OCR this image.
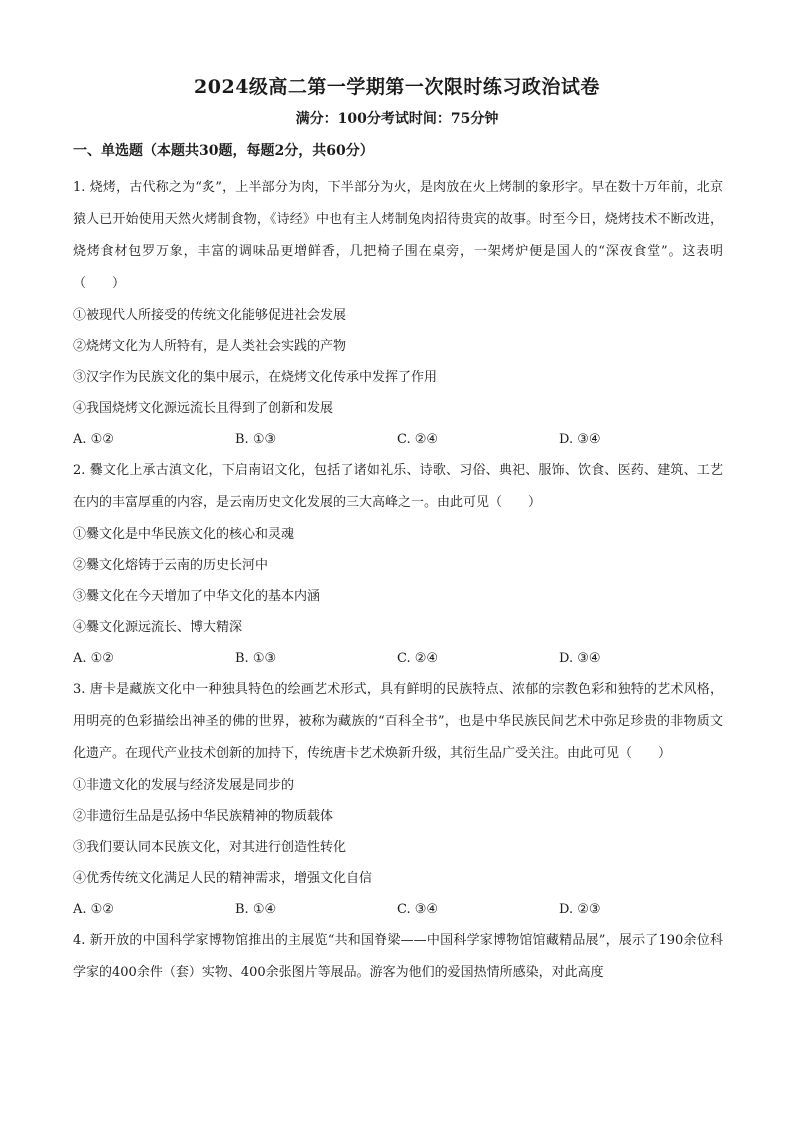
2024级高二第一学期第一次限时练习政治试卷
满分：100分考试时间：75分钟
一、单选题（本题共30题，每题2分，共60分）

1. 烧烤，古代称之为“炙”，上半部分为肉，下半部分为火，是肉放在火上烤制的象形字。早在数十万年前，北京猿人已开始使用天然火烤制食物，《诗经》中也有主人烤制兔肉招待贵宾的故事。时至今日，烧烤技术不断改进，烧烤食材包罗万象，丰富的调味品更增鲜香，几把椅子围在桌旁，一架烤炉便是国人的“深夜食堂”。这表明（　　）

①被现代人所接受的传统文化能够促进社会发展

②烧烤文化为人所特有，是人类社会实践的产物

③汉字作为民族文化的集中展示，在烧烤文化传承中发挥了作用

④我国烧烤文化源远流长且得到了创新和发展

A. ①②	B. ①③	C. ②④	D. ③④

2. 爨文化上承古滇文化，下启南诏文化，包括了诸如礼乐、诗歌、习俗、典祀、服饰、饮食、医药、建筑、工艺在内的丰富厚重的内容，是云南历史文化发展的三大高峰之一。由此可见（　　）

①爨文化是中华民族文化的核心和灵魂

②爨文化熔铸于云南的历史长河中

③爨文化在今天增加了中华文化的基本内涵

④爨文化源远流长、博大精深

A. ①②	B. ①③	C. ②④	D. ③④

3. 唐卡是藏族文化中一种独具特色的绘画艺术形式，具有鲜明的民族特点、浓郁的宗教色彩和独特的艺术风格，用明亮的色彩描绘出神圣的佛的世界，被称为藏族的“百科全书”，也是中华民族民间艺术中弥足珍贵的非物质文化遗产。在现代产业技术创新的加持下，传统唐卡艺术焕新升级，其衍生品广受关注。由此可见（　　）

①非遗文化的发展与经济发展是同步的

②非遗衍生品是弘扬中华民族精神的物质载体

③我们要认同本民族文化，对其进行创造性转化

④优秀传统文化满足人民的精神需求，增强文化自信

A. ①②	B. ①④	C. ③④	D. ②③

4. 新开放的中国科学家博物馆推出的主展览“共和国脊梁——中国科学家博物馆馆藏精品展”，展示了190余位科学家的400余件（套）实物、400余张图片等展品。游客为他们的爱国热情所感染，对此高度
